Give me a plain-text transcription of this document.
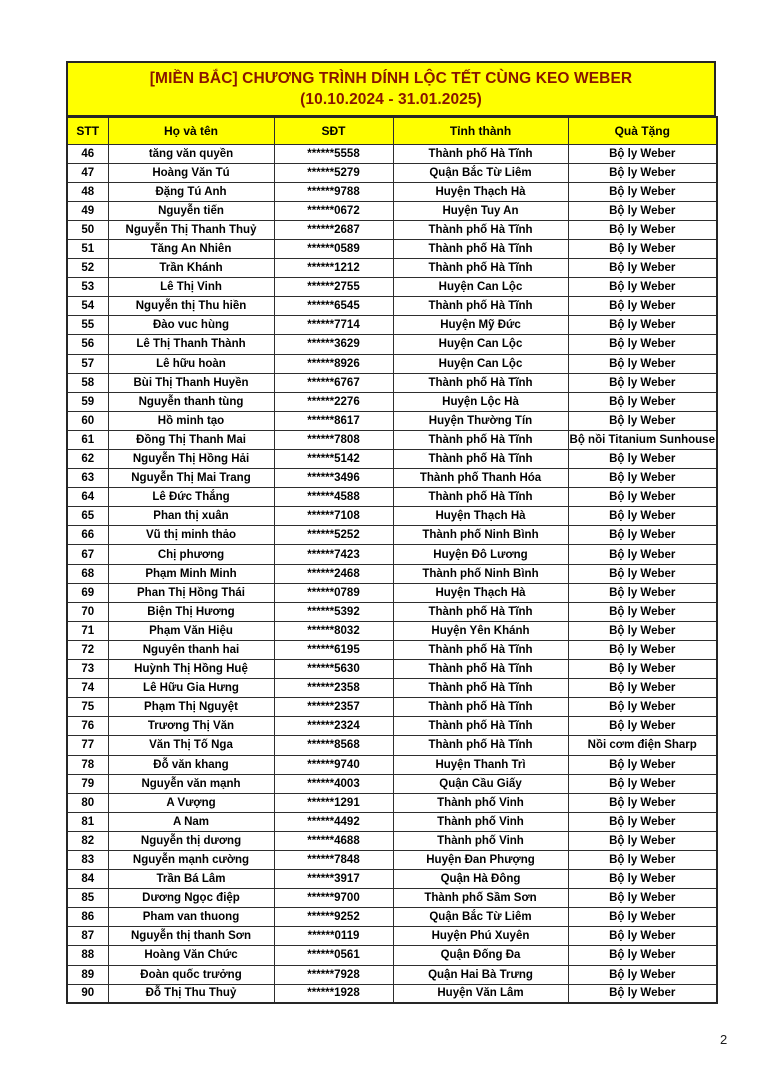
[MIỀN BẮC] CHƯƠNG TRÌNH DÍNH LỘC TẾT CÙNG KEO WEBER
(10.10.2024 - 31.01.2025)
STT	Họ và tên	SĐT	Tỉnh thành	Quà Tặng
46	tăng văn quyền	******5558	Thành phố Hà Tĩnh	Bộ ly Weber
47	Hoàng Văn Tú	******5279	Quận Bắc Từ Liêm	Bộ ly Weber
48	Đặng Tú Anh	******9788	Huyện Thạch Hà	Bộ ly Weber
49	Nguyễn tiến	******0672	Huyện Tuy An	Bộ ly Weber
50	Nguyễn Thị Thanh Thuỷ	******2687	Thành phố Hà Tĩnh	Bộ ly Weber
51	Tăng An Nhiên	******0589	Thành phố Hà Tĩnh	Bộ ly Weber
52	Trần Khánh	******1212	Thành phố Hà Tĩnh	Bộ ly Weber
53	Lê Thị Vinh	******2755	Huyện Can Lộc	Bộ ly Weber
54	Nguyễn thị Thu hiền	******6545	Thành phố Hà Tĩnh	Bộ ly Weber
55	Đào vuc hùng	******7714	Huyện Mỹ Đức	Bộ ly Weber
56	Lê Thị Thanh Thành	******3629	Huyện Can Lộc	Bộ ly Weber
57	Lê hữu hoàn	******8926	Huyện Can Lộc	Bộ ly Weber
58	Bùi Thị Thanh Huyền	******6767	Thành phố Hà Tĩnh	Bộ ly Weber
59	Nguyễn thanh tùng	******2276	Huyện Lộc Hà	Bộ ly Weber
60	Hồ minh tạo	******8617	Huyện Thường Tín	Bộ ly Weber
61	Đồng Thị Thanh Mai	******7808	Thành phố Hà Tĩnh	Bộ nồi Titanium Sunhouse
62	Nguyễn Thị Hồng Hải	******5142	Thành phố Hà Tĩnh	Bộ ly Weber
63	Nguyễn Thị Mai Trang	******3496	Thành phố Thanh Hóa	Bộ ly Weber
64	Lê Đức Thắng	******4588	Thành phố Hà Tĩnh	Bộ ly Weber
65	Phan thị xuân	******7108	Huyện Thạch Hà	Bộ ly Weber
66	Vũ thị minh thảo	******5252	Thành phố Ninh Bình	Bộ ly Weber
67	Chị phương	******7423	Huyện Đô Lương	Bộ ly Weber
68	Phạm Minh Minh	******2468	Thành phố Ninh Bình	Bộ ly Weber
69	Phan Thị Hồng Thái	******0789	Huyện Thạch Hà	Bộ ly Weber
70	Biện Thị Hương	******5392	Thành phố Hà Tĩnh	Bộ ly Weber
71	Phạm Văn Hiệu	******8032	Huyện Yên Khánh	Bộ ly Weber
72	Nguyên thanh hai	******6195	Thành phố Hà Tĩnh	Bộ ly Weber
73	Huỳnh Thị Hồng Huệ	******5630	Thành phố Hà Tĩnh	Bộ ly Weber
74	Lê Hữu Gia Hưng	******2358	Thành phố Hà Tĩnh	Bộ ly Weber
75	Phạm Thị Nguyệt	******2357	Thành phố Hà Tĩnh	Bộ ly Weber
76	Trương Thị Văn	******2324	Thành phố Hà Tĩnh	Bộ ly Weber
77	Văn Thị Tố Nga	******8568	Thành phố Hà Tĩnh	Nồi cơm điện Sharp
78	Đỗ văn khang	******9740	Huyện Thanh Trì	Bộ ly Weber
79	Nguyễn văn mạnh	******4003	Quận Cầu Giấy	Bộ ly Weber
80	A Vượng	******1291	Thành phố Vinh	Bộ ly Weber
81	A Nam	******4492	Thành phố Vinh	Bộ ly Weber
82	Nguyễn thị dương	******4688	Thành phố Vinh	Bộ ly Weber
83	Nguyễn mạnh cường	******7848	Huyện Đan Phượng	Bộ ly Weber
84	Trần Bá Lâm	******3917	Quận Hà Đông	Bộ ly Weber
85	Dương Ngọc điệp	******9700	Thành phố Sầm Sơn	Bộ ly Weber
86	Pham van thuong	******9252	Quận Bắc Từ Liêm	Bộ ly Weber
87	Nguyễn thị thanh Sơn	******0119	Huyện Phú Xuyên	Bộ ly Weber
88	Hoàng Văn Chức	******0561	Quận Đống Đa	Bộ ly Weber
89	Đoàn quốc trưởng	******7928	Quận Hai Bà Trưng	Bộ ly Weber
90	Đỗ Thị Thu Thuỷ	******1928	Huyện Văn Lâm	Bộ ly Weber
2
